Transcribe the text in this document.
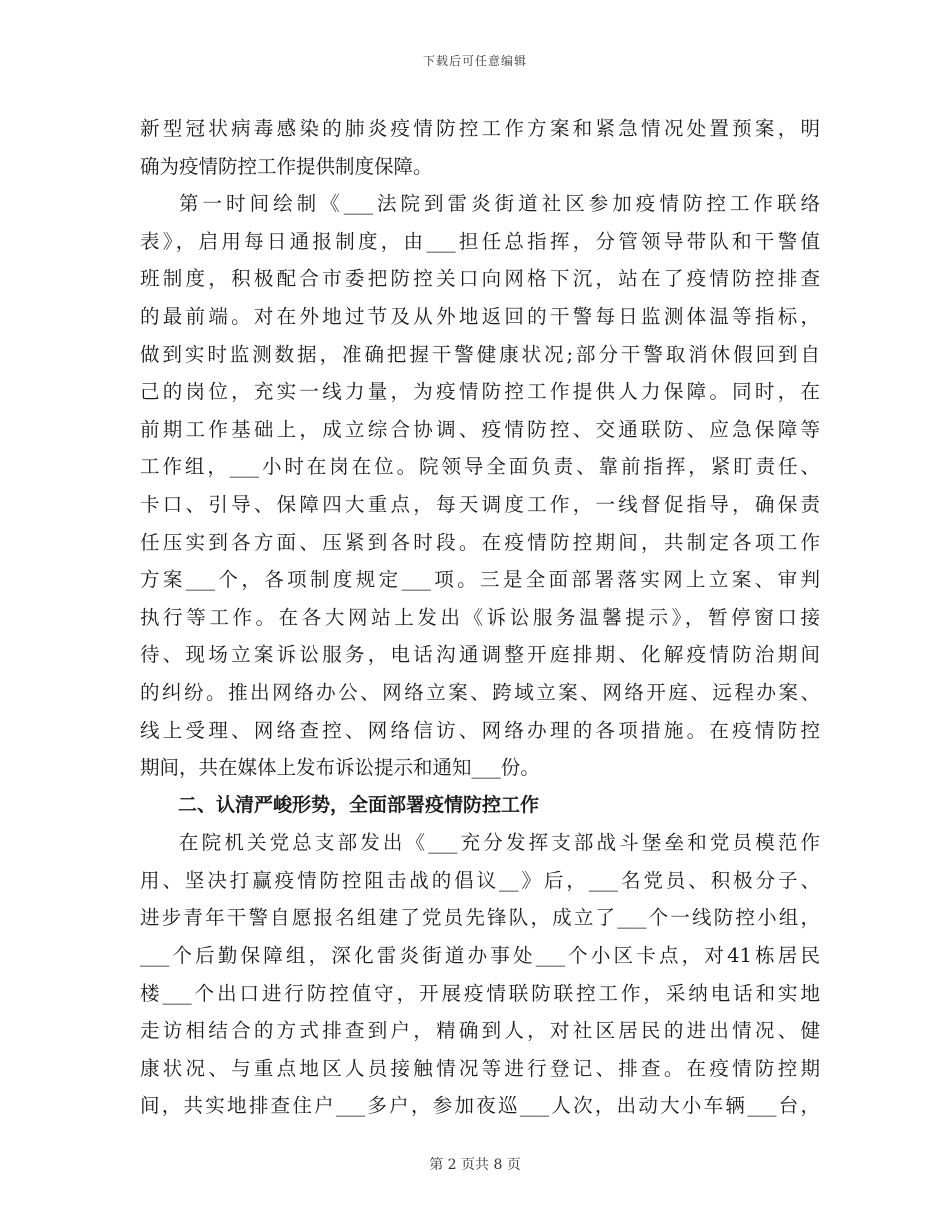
下载后可任意编辑
新型冠状病毒感染的肺炎疫情防控工作方案和紧急情况处置预案，明
确为疫情防控工作提供制度保障。
第一时间绘制《___法院到雷炎街道社区参加疫情防控工作联络
表》，启用每日通报制度，由___担任总指挥，分管领导带队和干警值
班制度，积极配合市委把防控关口向网格下沉，站在了疫情防控排查
的最前端。对在外地过节及从外地返回的干警每日监测体温等指标，
做到实时监测数据，准确把握干警健康状况;部分干警取消休假回到自
己的岗位，充实一线力量，为疫情防控工作提供人力保障。同时，在
前期工作基础上，成立综合协调、疫情防控、交通联防、应急保障等
工作组，___小时在岗在位。院领导全面负责、靠前指挥，紧盯责任、
卡口、引导、保障四大重点，每天调度工作，一线督促指导，确保责
任压实到各方面、压紧到各时段。在疫情防控期间，共制定各项工作
方案___个，各项制度规定___项。三是全面部署落实网上立案、审判
执行等工作。在各大网站上发出《诉讼服务温馨提示》，暂停窗口接
待、现场立案诉讼服务，电话沟通调整开庭排期、化解疫情防治期间
的纠纷。推出网络办公、网络立案、跨域立案、网络开庭、远程办案、
线上受理、网络查控、网络信访、网络办理的各项措施。在疫情防控
期间，共在媒体上发布诉讼提示和通知___份。
二、认清严峻形势，全面部署疫情防控工作
在院机关党总支部发出《___充分发挥支部战斗堡垒和党员模范作
用、坚决打赢疫情防控阻击战的倡议__》后，___名党员、积极分子、
进步青年干警自愿报名组建了党员先锋队，成立了___个一线防控小组，
___个后勤保障组，深化雷炎街道办事处___个小区卡点，对41栋居民
楼___个出口进行防控值守，开展疫情联防联控工作，采纳电话和实地
走访相结合的方式排查到户，精确到人，对社区居民的进出情况、健
康状况、与重点地区人员接触情况等进行登记、排查。在疫情防控期
间，共实地排查住户___多户，参加夜巡___人次，出动大小车辆___台，
第 2 页共 8 页
